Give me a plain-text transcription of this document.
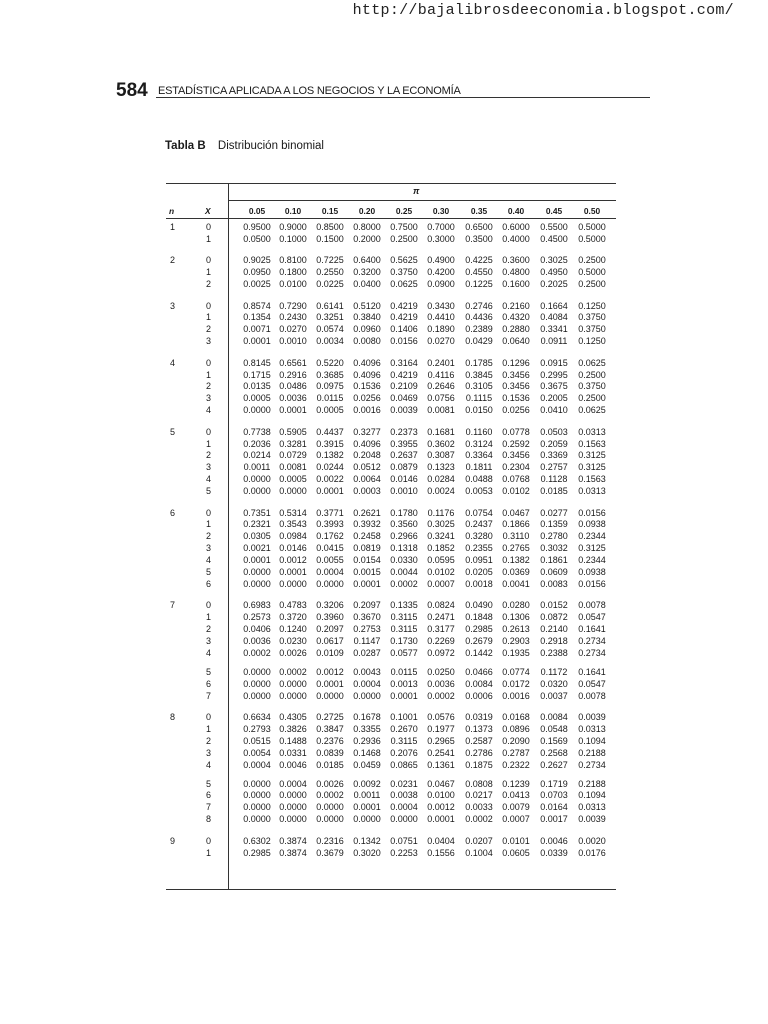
http://bajalibrosdeeconomia.blogspot.com/
584 ESTADÍSTICA APLICADA A LOS NEGOCIOS Y LA ECONOMÍA
Tabla B Distribución binomial
π
n	X	0.05 0.10 0.15 0.20 0.25 0.30	0.35 0.40	0.45	0.50
1	0	0.9500 0.9000 0.8500 0.8000 0.7500 0.7000 0.6500 0.6000 0.5500 0.5000
1	0.0500 0.1000 0.1500 0.2000 0.2500 0.3000 0.3500 0.4000 0.4500 0.5000
2	0	0.9025 0.8100 0.7225 0.6400 0.5625 0.4900 0.4225 0.3600 0.3025 0.2500
1	0.0950 0.1800 0.2550 0.3200 0.3750 0.4200 0.4550 0.4800 0.4950 0.5000
2	0.0025 0.0100 0.0225 0.0400 0.0625 0.0900 0.1225 0.1600 0.2025 0.2500
3	0	0.8574 0.7290 0.6141 0.5120 0.4219 0.3430 0.2746 0.2160 0.1664 0.1250
1	0.1354 0.2430 0.3251 0.3840 0.4219 0.4410 0.4436 0.4320 0.4084 0.3750
2	0.0071 0.0270 0.0574 0.0960 0.1406 0.1890 0.2389 0.2880 0.3341 0.3750
3	0.0001 0.0010 0.0034 0.0080 0.0156 0.0270 0.0429 0.0640 0.0911 0.1250
4	0	0.8145 0.6561 0.5220 0.4096 0.3164 0.2401 0.1785 0.1296 0.0915 0.0625
1	0.1715 0.2916 0.3685 0.4096 0.4219 0.4116 0.3845 0.3456 0.2995 0.2500
2	0.0135 0.0486 0.0975 0.1536 0.2109 0.2646 0.3105 0.3456 0.3675 0.3750
3	0.0005 0.0036 0.0115 0.0256 0.0469 0.0756 0.1115 0.1536 0.2005 0.2500
4	0.0000 0.0001 0.0005 0.0016 0.0039 0.0081 0.0150 0.0256 0.0410 0.0625
5	0	0.7738 0.5905 0.4437 0.3277 0.2373 0.1681 0.1160 0.0778 0.0503 0.0313
1	0.2036 0.3281 0.3915 0.4096 0.3955 0.3602 0.3124 0.2592 0.2059 0.1563
2	0.0214 0.0729 0.1382 0.2048 0.2637 0.3087 0.3364 0.3456 0.3369 0.3125
3	0.0011 0.0081 0.0244 0.0512 0.0879 0.1323 0.1811 0.2304 0.2757 0.3125
4	0.0000 0.0005 0.0022 0.0064 0.0146 0.0284 0.0488 0.0768 0.1128 0.1563
5	0.0000 0.0000 0.0001 0.0003 0.0010 0.0024 0.0053 0.0102 0.0185 0.0313
6	0	0.7351 0.5314 0.3771 0.2621 0.1780 0.1176 0.0754 0.0467 0.0277 0.0156
1	0.2321 0.3543 0.3993 0.3932 0.3560 0.3025 0.2437 0.1866 0.1359 0.0938
2	0.0305 0.0984 0.1762 0.2458 0.2966 0.3241 0.3280 0.3110 0.2780 0.2344
3	0.0021 0.0146 0.0415 0.0819 0.1318 0.1852 0.2355 0.2765 0.3032 0.3125
4	0.0001 0.0012 0.0055 0.0154 0.0330 0.0595 0.0951 0.1382 0.1861 0.2344
5	0.0000 0.0001 0.0004 0.0015 0.0044 0.0102 0.0205 0.0369 0.0609 0.0938
6	0.0000 0.0000 0.0000 0.0001 0.0002 0.0007 0.0018 0.0041 0.0083 0.0156
7	0	0.6983 0.4783 0.3206 0.2097 0.1335 0.0824 0.0490 0.0280 0.0152 0.0078
1	0.2573 0.3720 0.3960 0.3670 0.3115 0.2471 0.1848 0.1306 0.0872 0.0547
2	0.0406 0.1240 0.2097 0.2753 0.3115 0.3177 0.2985 0.2613 0.2140 0.1641
3	0.0036 0.0230 0.0617 0.1147 0.1730 0.2269 0.2679 0.2903 0.2918 0.2734
4	0.0002 0.0026 0.0109 0.0287 0.0577 0.0972 0.1442 0.1935 0.2388 0.2734
5	0.0000 0.0002 0.0012 0.0043 0.0115 0.0250 0.0466 0.0774 0.1172 0.1641
6	0.0000 0.0000 0.0001 0.0004 0.0013 0.0036 0.0084 0.0172 0.0320 0.0547
7	0.0000 0.0000 0.0000 0.0000 0.0001 0.0002 0.0006 0.0016 0.0037 0.0078
8	0	0.6634 0.4305 0.2725 0.1678 0.1001 0.0576 0.0319 0.0168 0.0084 0.0039
1	0.2793 0.3826 0.3847 0.3355 0.2670 0.1977 0.1373 0.0896 0.0548 0.0313
2	0.0515 0.1488 0.2376 0.2936 0.3115 0.2965 0.2587 0.2090 0.1569 0.1094
3	0.0054 0.0331 0.0839 0.1468 0.2076 0.2541 0.2786 0.2787 0.2568 0.2188
4	0.0004 0.0046 0.0185 0.0459 0.0865 0.1361 0.1875 0.2322 0.2627 0.2734
5	0.0000 0.0004 0.0026 0.0092 0.0231 0.0467 0.0808 0.1239 0.1719 0.2188
6	0.0000 0.0000 0.0002 0.0011 0.0038 0.0100 0.0217 0.0413 0.0703 0.1094
7	0.0000 0.0000 0.0000 0.0001 0.0004 0.0012 0.0033 0.0079 0.0164 0.0313
8	0.0000 0.0000 0.0000 0.0000 0.0000 0.0001 0.0002 0.0007 0.0017 0.0039
9	0	0.6302 0.3874 0.2316 0.1342 0.0751 0.0404 0.0207 0.0101 0.0046 0.0020
1	0.2985 0.3874 0.3679 0.3020 0.2253 0.1556 0.1004 0.0605 0.0339 0.0176
